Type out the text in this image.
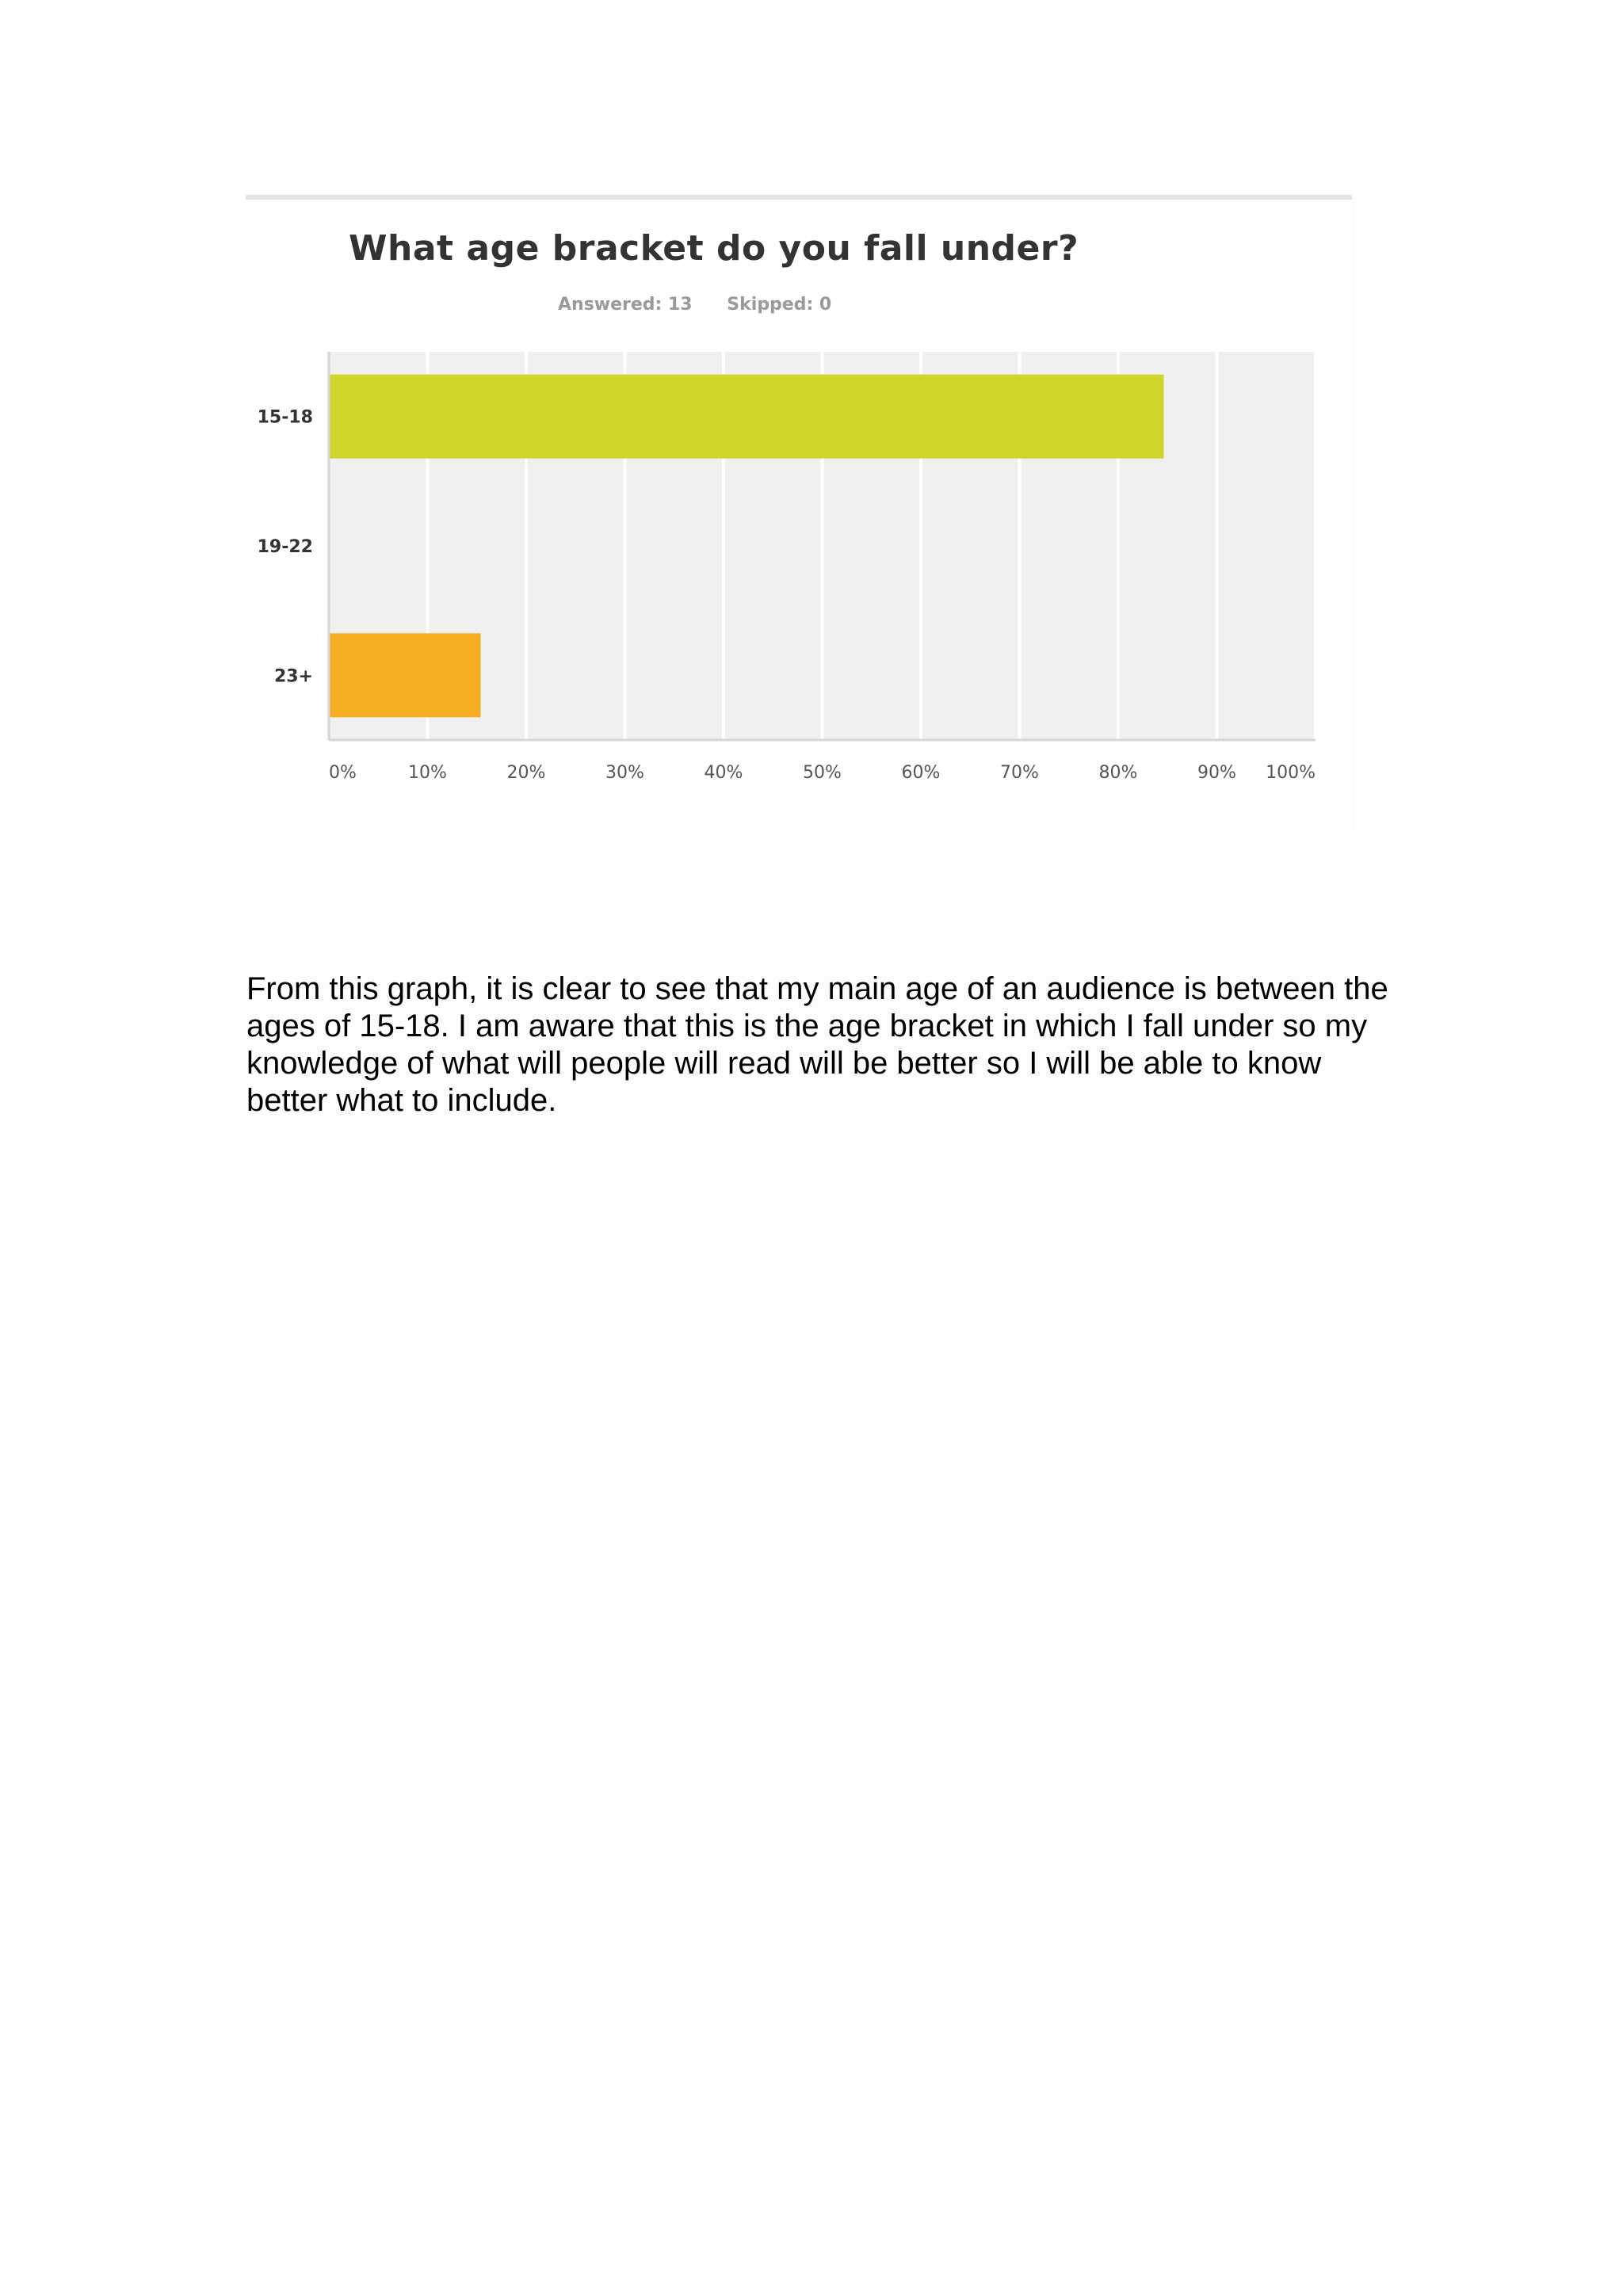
What age bracket do you fall under?
Answered: 13 Skipped: 0
15-18
19-22
23+
0%	10%	20%	30%	40%	50%	60%	70%	80%	90% 100%

From this graph, it is clear to see that my main age of an audience is between the ages of 15-18. I am aware that this is the age bracket in which I fall under so my knowledge of what will people will read will be better so I will be able to know better what to include.
